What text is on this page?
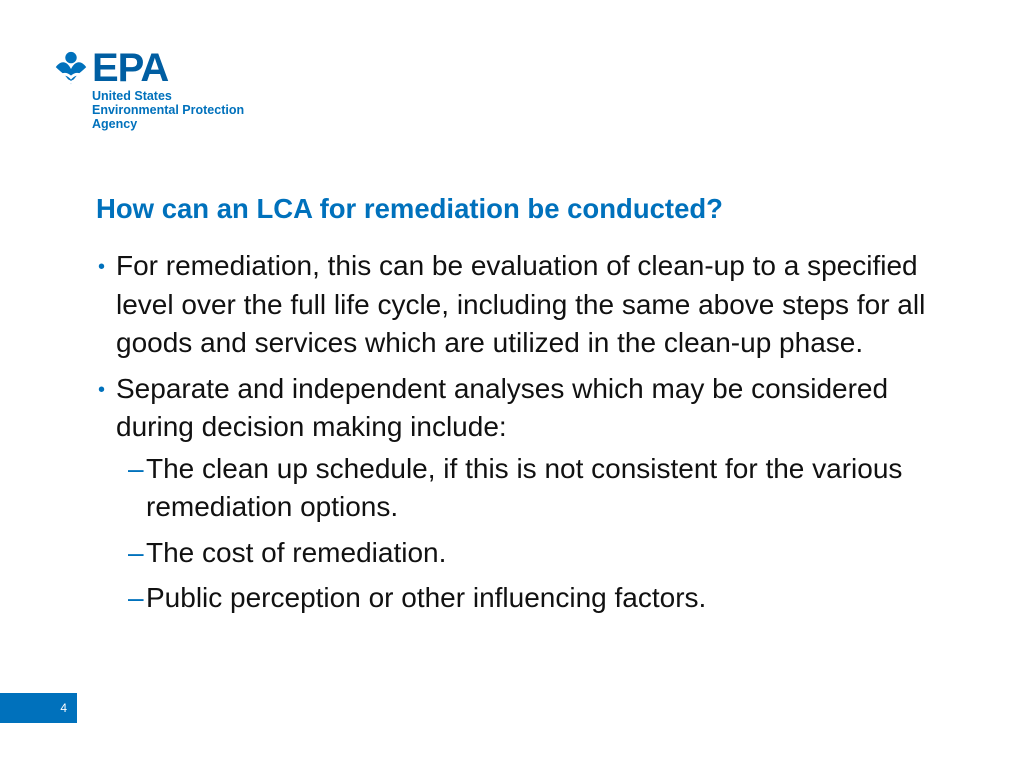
EPA
United States
Environmental Protection
Agency
How can an LCA for remediation be conducted?
• For remediation, this can be evaluation of clean-up to a specified level over the full life cycle, including the same above steps for all goods and services which are utilized in the clean-up phase.
• Separate and independent analyses which may be considered during decision making include:
– The clean up schedule, if this is not consistent for the various remediation options.
– The cost of remediation.
– Public perception or other influencing factors.
4
